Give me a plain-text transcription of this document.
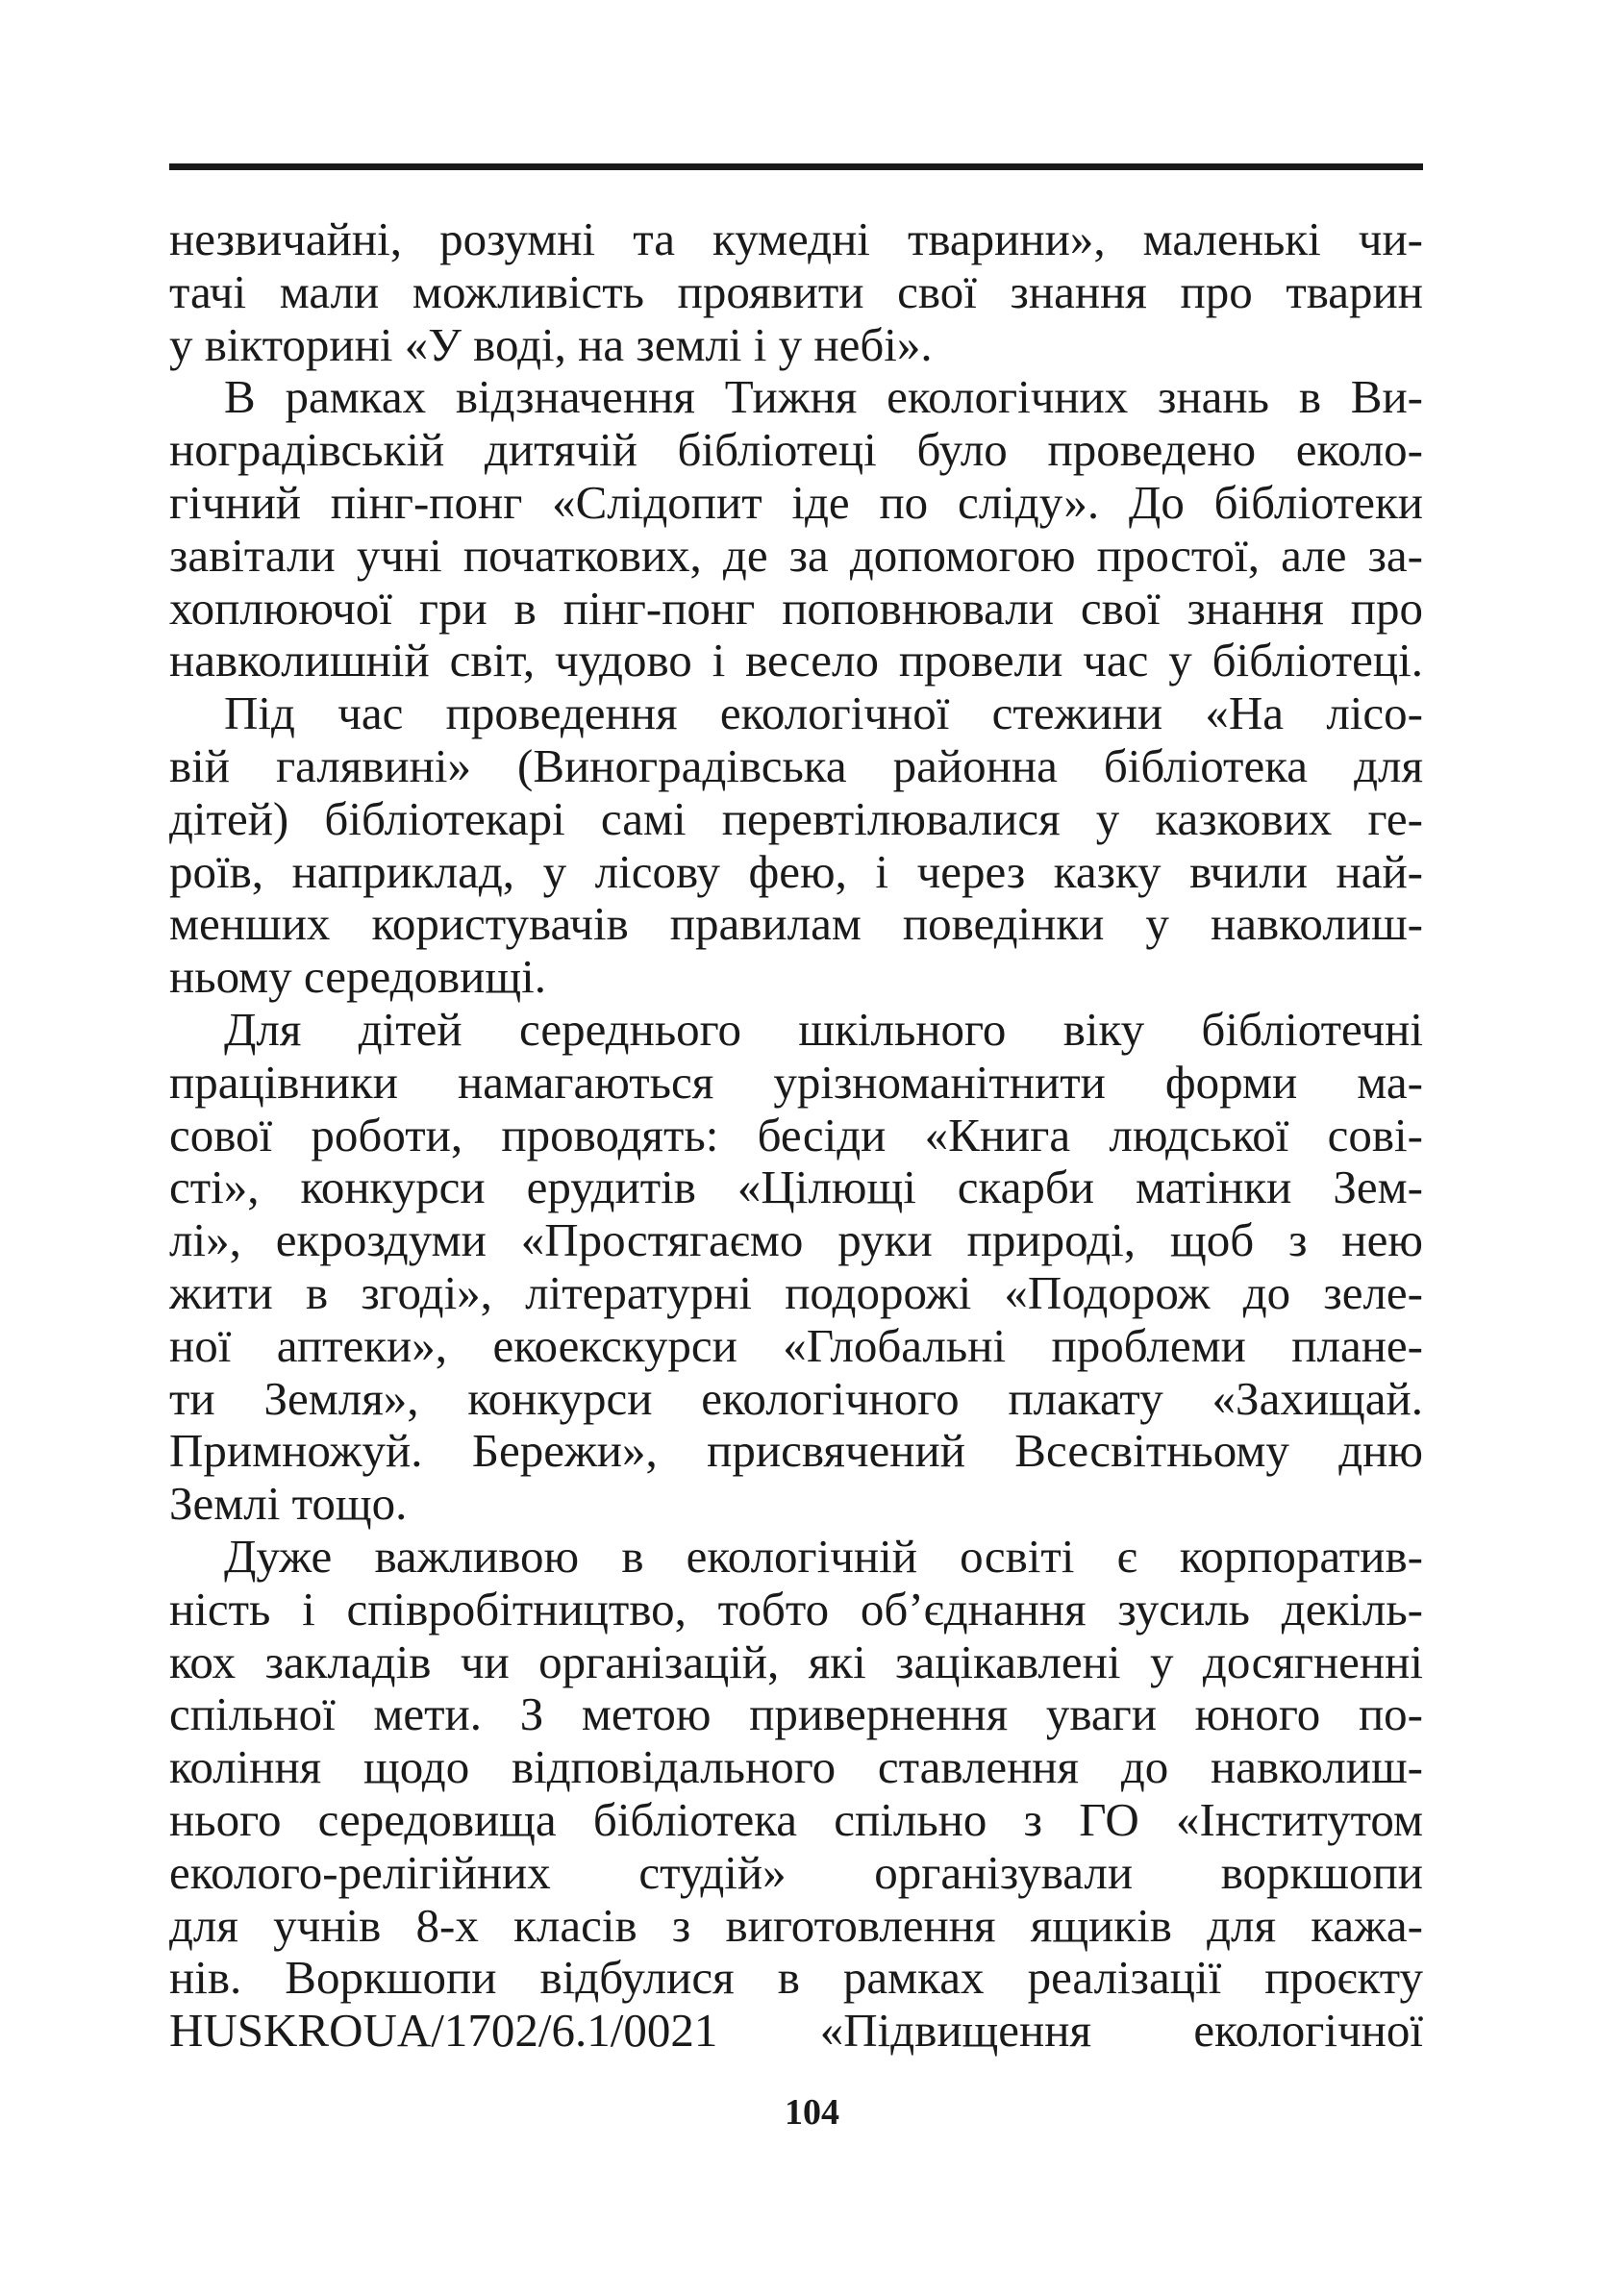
незвичайні, розумні та кумедні тварини», маленькі чи-
тачі мали можливість проявити свої знання про тварин
у вікторині «У воді, на землі і у небі».
В рамках відзначення Тижня екологічних знань в Ви-
ноградівській дитячій бібліотеці було проведено еколо-
гічний пінг-понг «Слідопит іде по сліду». До бібліотеки
завітали учні початкових, де за допомогою простої, але за-
хоплюючої гри в пінг-понг поповнювали свої знання про
навколишній світ, чудово і весело провели час у бібліотеці.
Під час проведення екологічної стежини «На лісо-
вій галявині» (Виноградівська районна бібліотека для
дітей) бібліотекарі самі перевтілювалися у казкових ге-
роїв, наприклад, у лісову фею, і через казку вчили най-
менших користувачів правилам поведінки у навколиш-
ньому середовищі.
Для дітей середнього шкільного віку бібліотечні
працівники намагаються урізноманітнити форми ма-
сової роботи, проводять: бесіди «Книга людської сові-
сті», конкурси ерудитів «Цілющі скарби матінки Зем-
лі», екроздуми «Простягаємо руки природі, щоб з нею
жити в згоді», літературні подорожі «Подорож до зеле-
ної аптеки», екоекскурси «Глобальні проблеми плане-
ти Земля», конкурси екологічного плакату «Захищай.
Примножуй. Бережи», присвячений Всесвітньому дню
Землі тощо.
Дуже важливою в екологічній освіті є корпоратив-
ність і співробітництво, тобто об’єднання зусиль декіль-
кох закладів чи організацій, які зацікавлені у досягненні
спільної мети. З метою привернення уваги юного по-
коління щодо відповідального ставлення до навколиш-
нього середовища бібліотека спільно з ГО «Інститутом
еколого-релігійних студій» організували воркшопи
для учнів 8-х класів з виготовлення ящиків для кажа-
нів. Воркшопи відбулися в рамках реалізації проєкту
HUSKROUA/1702/6.1/0021 «Підвищення екологічної
104
